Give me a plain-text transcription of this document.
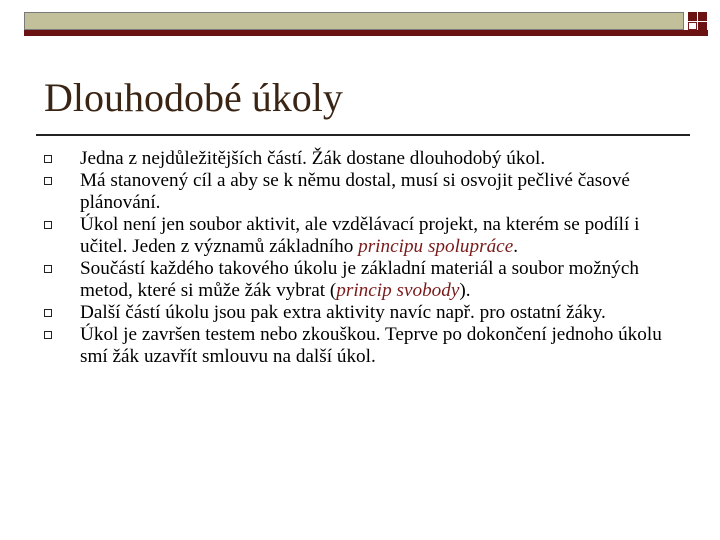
Dlouhodobé úkoly
Jedna z nejdůležitějších částí. Žák dostane dlouhodobý úkol.
Má stanovený cíl a aby se k němu dostal, musí si osvojit pečlivé časové plánování.
Úkol není jen soubor aktivit, ale vzdělávací projekt, na kterém se podílí i učitel. Jeden z významů základního principu spolupráce.
Součástí každého takového úkolu je základní materiál a soubor možných metod, které si může žák vybrat (princip svobody).
Další částí úkolu jsou pak extra aktivity navíc např. pro ostatní žáky.
Úkol je završen testem nebo zkouškou. Teprve po dokončení jednoho úkolu smí žák uzavřít smlouvu na další úkol.
